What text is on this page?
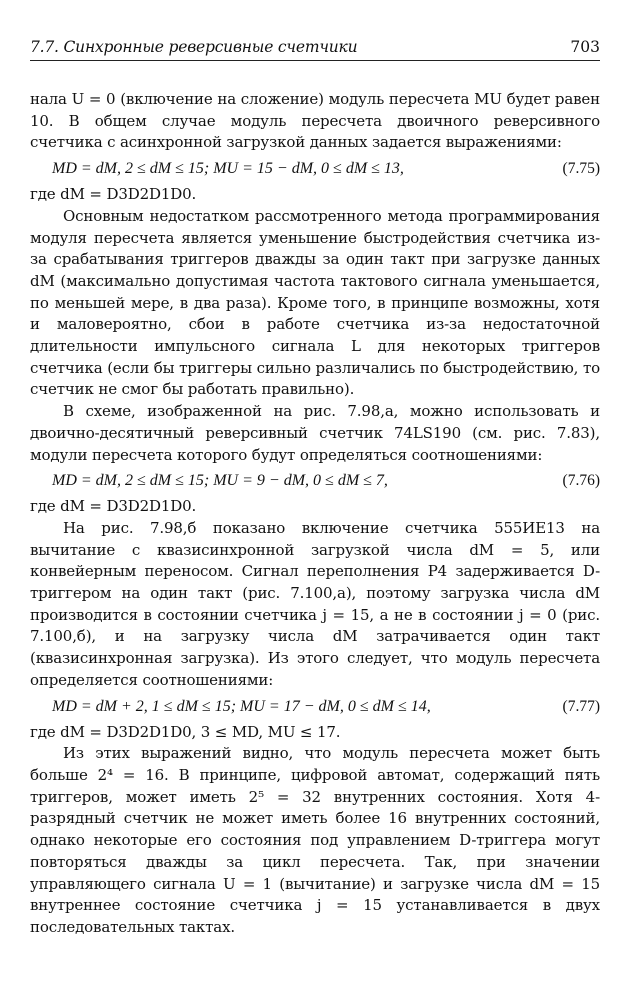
7.7. Синхронные реверсивные счетчики	703
нала U = 0 (включение на сложение) модуль пересчета MU будет равен 10. В общем случае модуль пересчета двоичного реверсивного счетчика с асинхронной загрузкой данных задается выражениями:
MD = dM, 2 ≤ dM ≤ 15; MU = 15 − dM, 0 ≤ dM ≤ 13,	(7.75)
где dM = D3D2D1D0.
Основным недостатком рассмотренного метода программирования модуля пересчета является уменьшение быстродействия счетчика из-за срабатывания триггеров дважды за один такт при загрузке данных dM (максимально допустимая частота тактового сигнала уменьшается, по меньшей мере, в два раза). Кроме того, в принципе возможны, хотя и маловероятно, сбои в работе счетчика из-за недостаточной длительности импульсного сигнала L для некоторых триггеров счетчика (если бы триггеры сильно различались по быстродействию, то счетчик не смог бы работать правильно).
В схеме, изображенной на рис. 7.98,а, можно использовать и двоично-десятичный реверсивный счетчик 74LS190 (см. рис. 7.83), модули пересчета которого будут определяться соотношениями:
MD = dM, 2 ≤ dM ≤ 15; MU = 9 − dM, 0 ≤ dM ≤ 7,	(7.76)
где dM = D3D2D1D0.
На рис. 7.98,б показано включение счетчика 555ИЕ13 на вычитание с квазисинхронной загрузкой числа dM = 5, или конвейерным переносом. Сигнал переполнения P4 задерживается D-триггером на один такт (рис. 7.100,а), поэтому загрузка числа dM производится в состоянии счетчика j = 15, а не в состоянии j = 0 (рис. 7.100,б), и на загрузку числа dM затрачивается один такт (квазисинхронная загрузка). Из этого следует, что модуль пересчета определяется соотношениями:
MD = dM + 2, 1 ≤ dM ≤ 15; MU = 17 − dM, 0 ≤ dM ≤ 14,	(7.77)
где dM = D3D2D1D0, 3 ≤ MD, MU ≤ 17.
Из этих выражений видно, что модуль пересчета может быть больше 2⁴ = 16. В принципе, цифровой автомат, содержащий пять триггеров, может иметь 2⁵ = 32 внутренних состояния. Хотя 4-разрядный счетчик не может иметь более 16 внутренних состояний, однако некоторые его состояния под управлением D-триггера могут повторяться дважды за цикл пересчета. Так, при значении управляющего сигнала U = 1 (вычитание) и загрузке числа dM = 15 внутреннее состояние счетчика j = 15 устанавливается в двух последовательных тактах.
